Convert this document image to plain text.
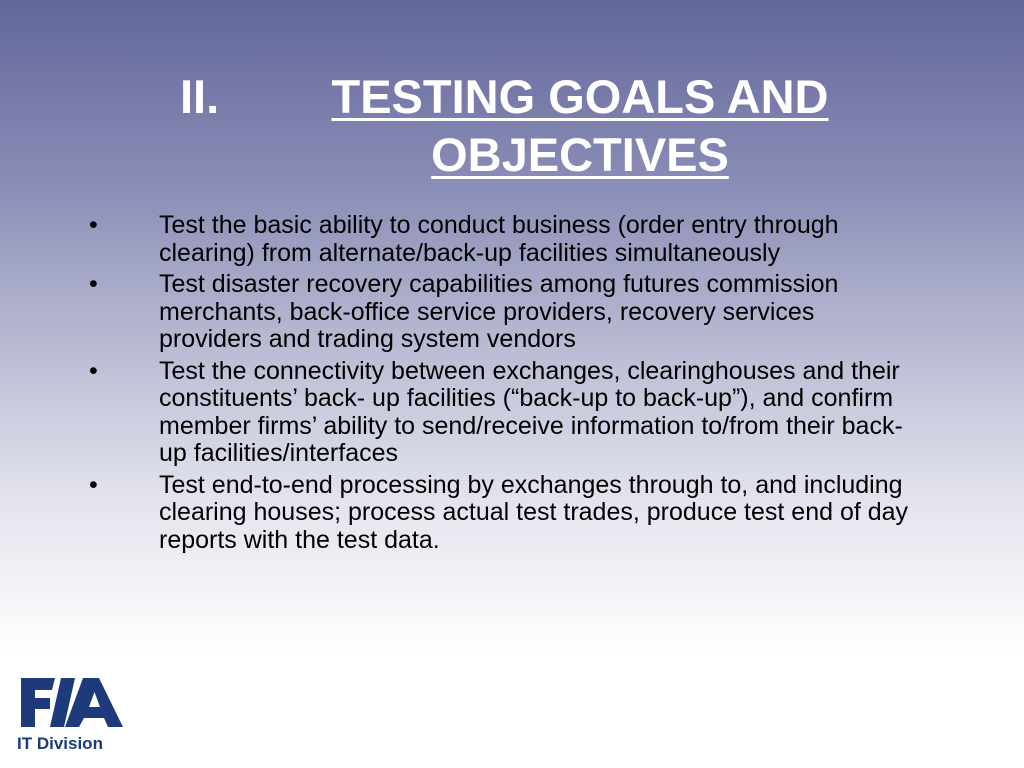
II.	TESTING GOALS AND OBJECTIVES
• Test the basic ability to conduct business (order entry through clearing) from alternate/back-up facilities simultaneously
• Test disaster recovery capabilities among futures commission merchants, back-office service providers, recovery services providers and trading system vendors
• Test the connectivity between exchanges, clearinghouses and their constituents’ back- up facilities (“back-up to back-up”), and confirm member firms’ ability to send/receive information to/from their back-up facilities/interfaces
• Test end-to-end processing by exchanges through to, and including clearing houses; process actual test trades, produce test end of day reports with the test data.
IT Division
